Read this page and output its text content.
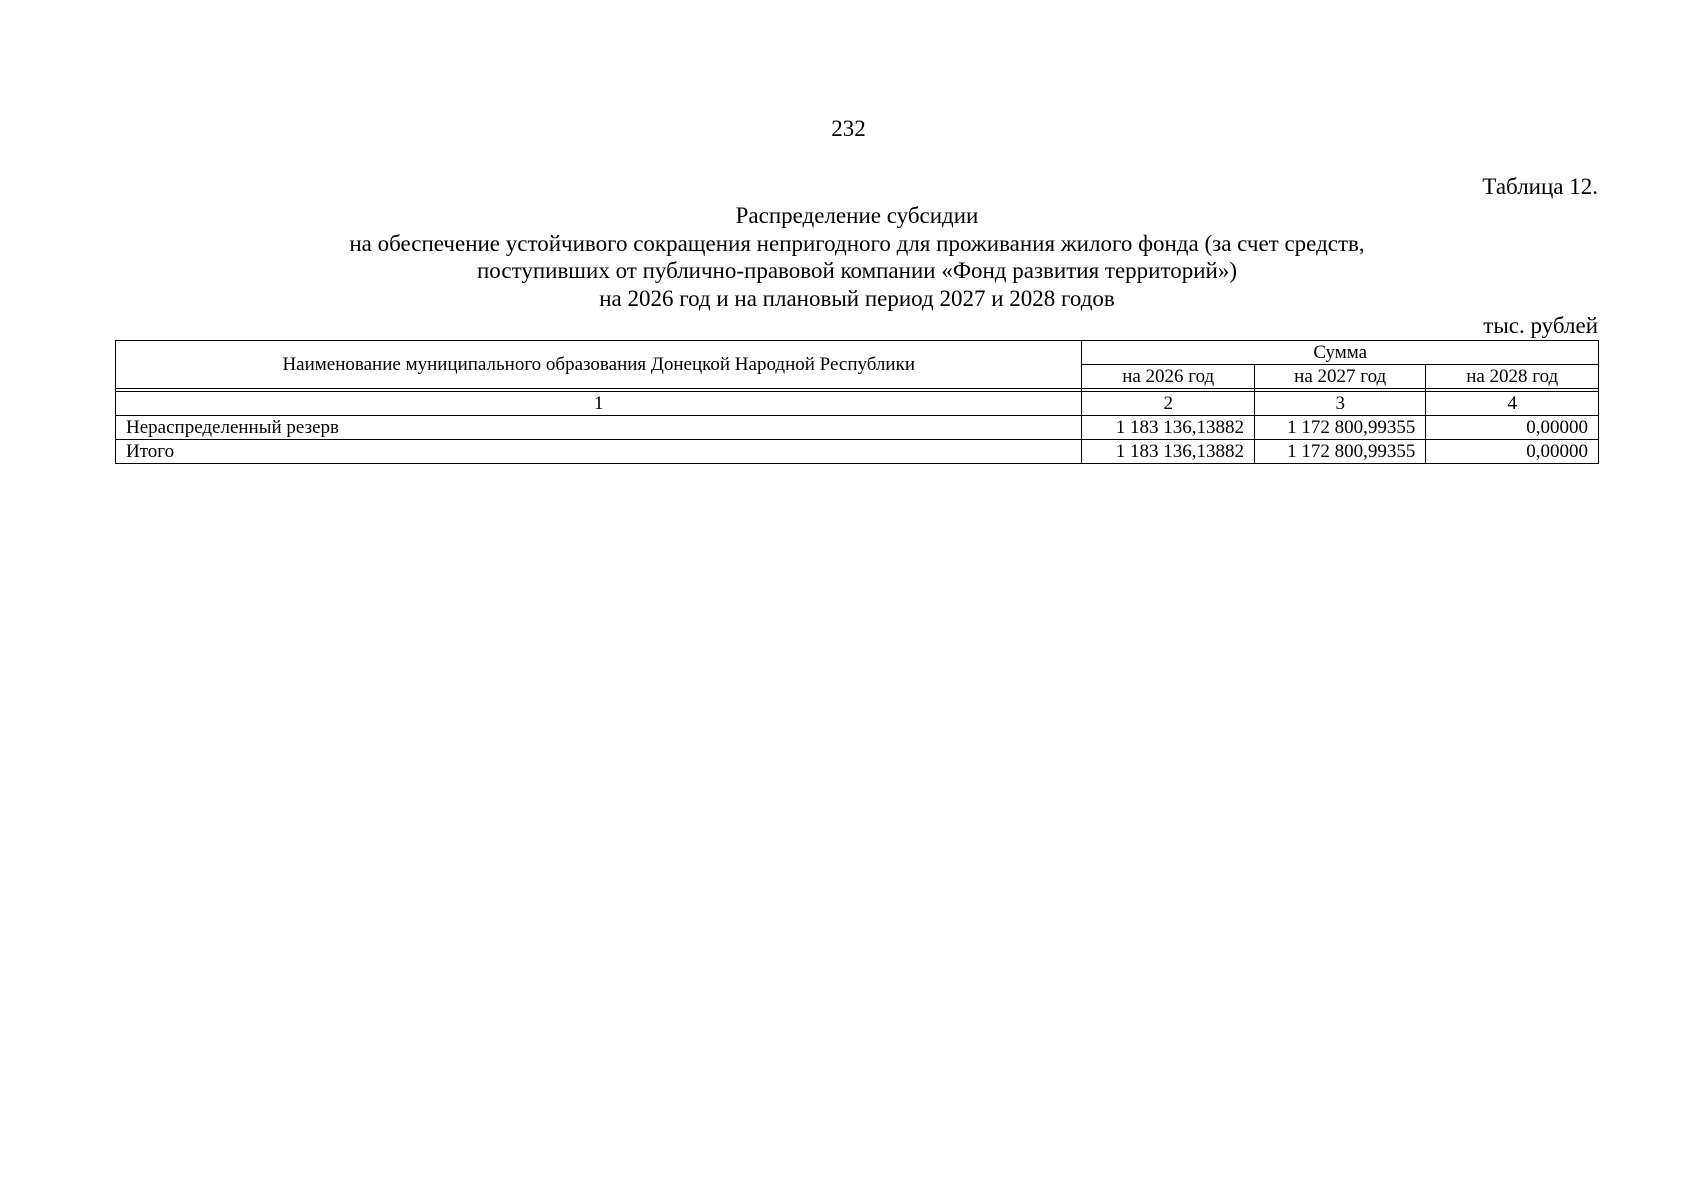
232
Таблица 12.
Распределение субсидии
на обеспечение устойчивого сокращения непригодного для проживания жилого фонда (за счет средств,
поступивших от публично-правовой компании «Фонд развития территорий»)
на 2026 год и на плановый период 2027 и 2028 годов
тыс. рублей
Наименование муниципального образования Донецкой Народной Республики	Сумма		
	на 2026 год	на 2027 год	на 2028 год

1	2	3	4
Нераспределенный резерв	1 183 136,13882	1 172 800,99355	0,00000
Итого	1 183 136,13882	1 172 800,99355	0,00000
